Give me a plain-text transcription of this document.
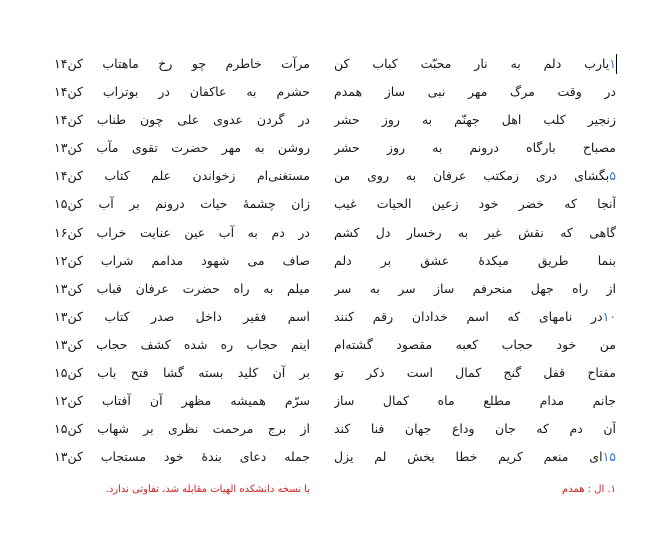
۱یارب دلم به نار محبّت کباب کن
در وقت مرگ مهر نبی ساز همدم
زنجیر کلب اهل جهنّم به روز حشر
مصباح بارگاه درونم به روز حشر
۵بگشای دری زمکتب عرفان به روی من
آنجا که خضر خود زعین الحیات غیب
گاهی که نقش غیر به رخسار دل کشم
بنما طریق میکدهٔ عشق بر دلم
از راه جهل منحرفم ساز سر به سر
۱۰در نامهای که اسم خدادان رقم کنند
من خود حجاب کعبه مقصود گشته‌ام
مفتاح قفل گنج کمال است ذکر تو
جانم مدام مطلع ماه کمال ساز
آن دم که جان وداع جهان فنا کند
۱۵ای منعم کریم خطا بخش لم یزل
مرآت خاطرم چو رخ ماهتاب کن۱۴
حشرم به عاکفان در بوتراب کن۱۴
در گردن عدوی علی چون طناب کن۱۴
روشن به مهر حضرت تقوی مآب کن۱۳
مستغنی‌ام زخواندن علم کتاب کن۱۴
زان چشمهٔ حیات درونم بر آب کن۱۵
در دم به آب عین عنایت خراب کن۱۶
صاف می شهود مدامم شراب کن۱۲
میلم به راه حضرت عرفان قباب کن۱۳
اسم فقیر داخل صدر کتاب کن۱۳
اینم حجاب ره شده کشف حجاب کن۱۳
بر آن کلید بسته گشا فتح باب کن۱۵
سرّم همیشه مظهر آن آفتاب کن۱۲
از برج مرحمت نظری بر شهاب کن۱۵
جمله دعای بندهٔ خود مستجاب کن۱۳
۱. ال : همدم
با نسخه دانشکده الهیات مقابله شد، تفاوتی ندارد.
